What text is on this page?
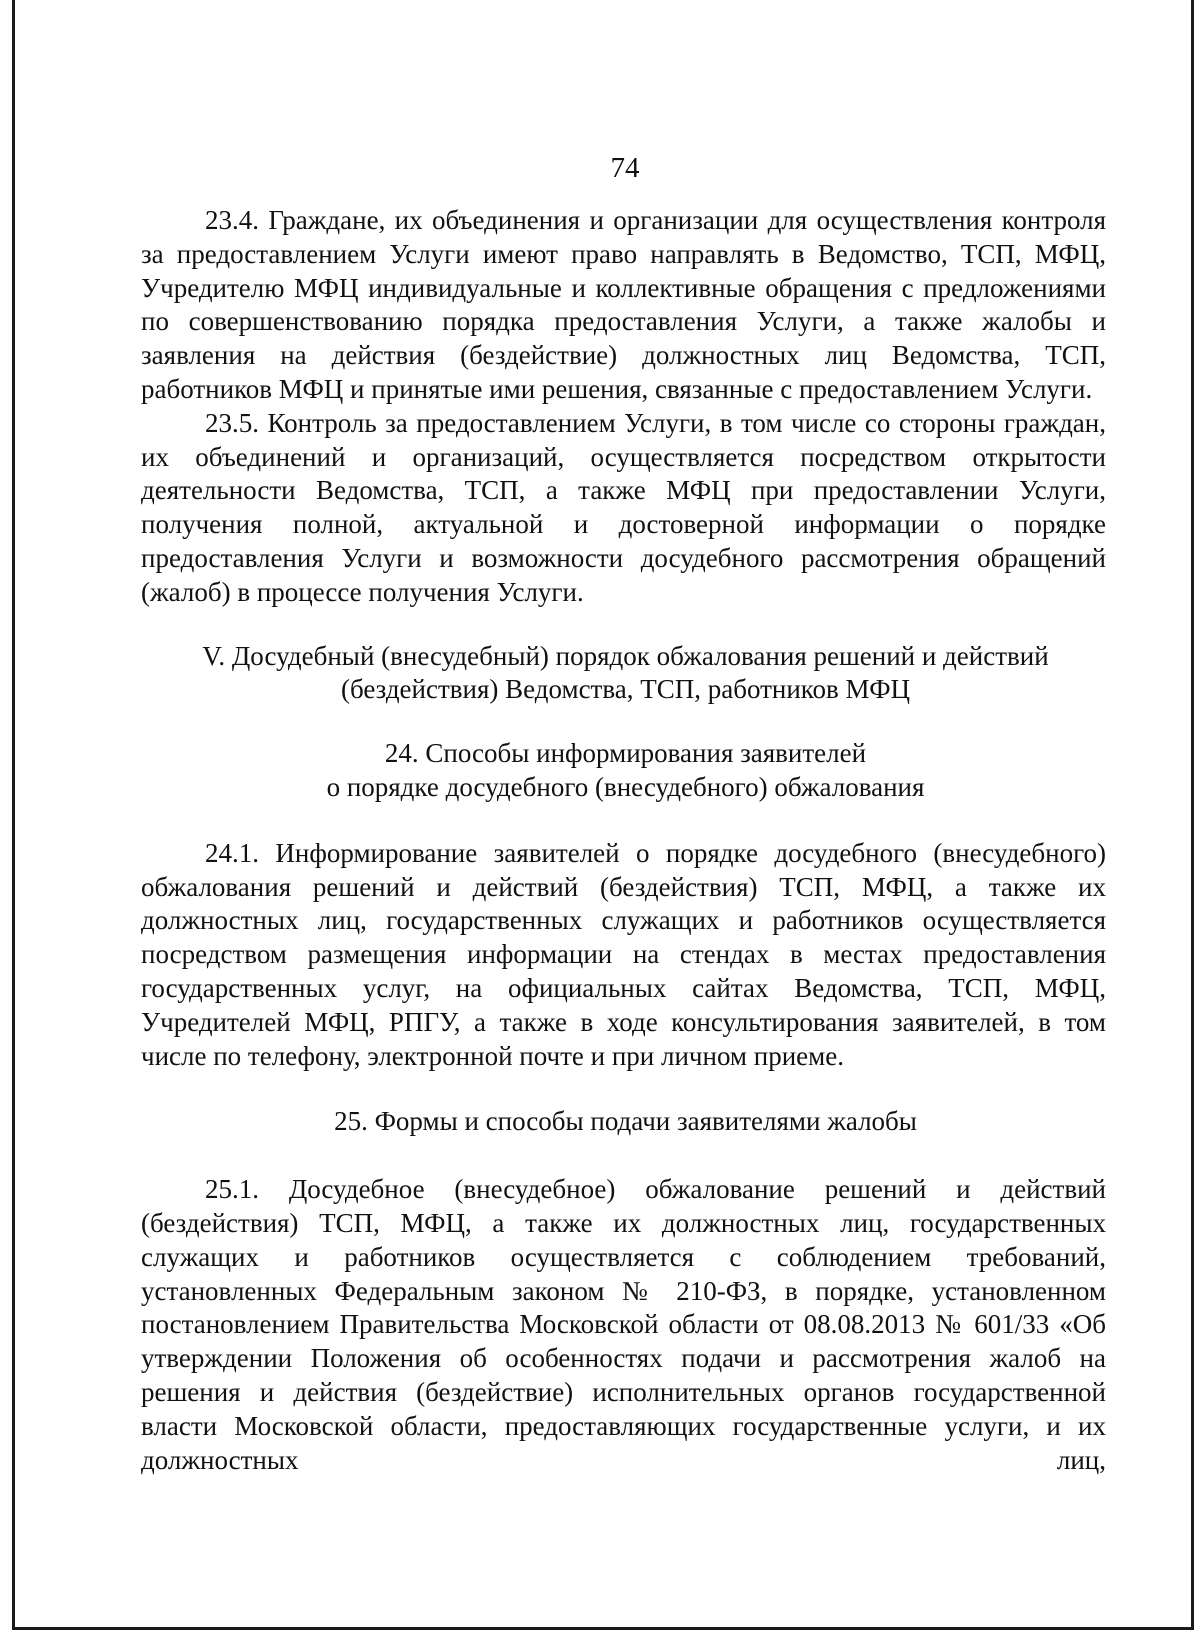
74

23.4. Граждане, их объединения и организации для осуществления контроля за предоставлением Услуги имеют право направлять в Ведомство, ТСП, МФЦ, Учредителю МФЦ индивидуальные и коллективные обращения с предложениями по совершенствованию порядка предоставления Услуги, а также жалобы и заявления на действия (бездействие) должностных лиц Ведомства, ТСП, работников МФЦ и принятые ими решения, связанные с предоставлением Услуги.

23.5. Контроль за предоставлением Услуги, в том числе со стороны граждан, их объединений и организаций, осуществляется посредством открытости деятельности Ведомства, ТСП, а также МФЦ при предоставлении Услуги, получения полной, актуальной и достоверной информации о порядке предоставления Услуги и возможности досудебного рассмотрения обращений (жалоб) в процессе получения Услуги.

V. Досудебный (внесудебный) порядок обжалования решений и действий
(бездействия) Ведомства, ТСП, работников МФЦ
24. Способы информирования заявителей
о порядке досудебного (внесудебного) обжалования

24.1. Информирование заявителей о порядке досудебного (внесудебного) обжалования решений и действий (бездействия) ТСП, МФЦ, а также их должностных лиц, государственных служащих и работников осуществляется посредством размещения информации на стендах в местах предоставления государственных услуг, на официальных сайтах Ведомства, ТСП, МФЦ, Учредителей МФЦ, РПГУ, а также в ходе консультирования заявителей, в том числе по телефону, электронной почте и при личном приеме.

25. Формы и способы подачи заявителями жалобы

25.1. Досудебное (внесудебное) обжалование решений и действий (бездействия) ТСП, МФЦ, а также их должностных лиц, государственных служащих и работников осуществляется с соблюдением требований, установленных Федеральным законом № 210-ФЗ, в порядке, установленном постановлением Правительства Московской области от 08.08.2013 № 601/33 «Об утверждении Положения об особенностях подачи и рассмотрения жалоб на решения и действия (бездействие) исполнительных органов государственной власти Московской области, предоставляющих государственные услуги, и их должностных лиц,
